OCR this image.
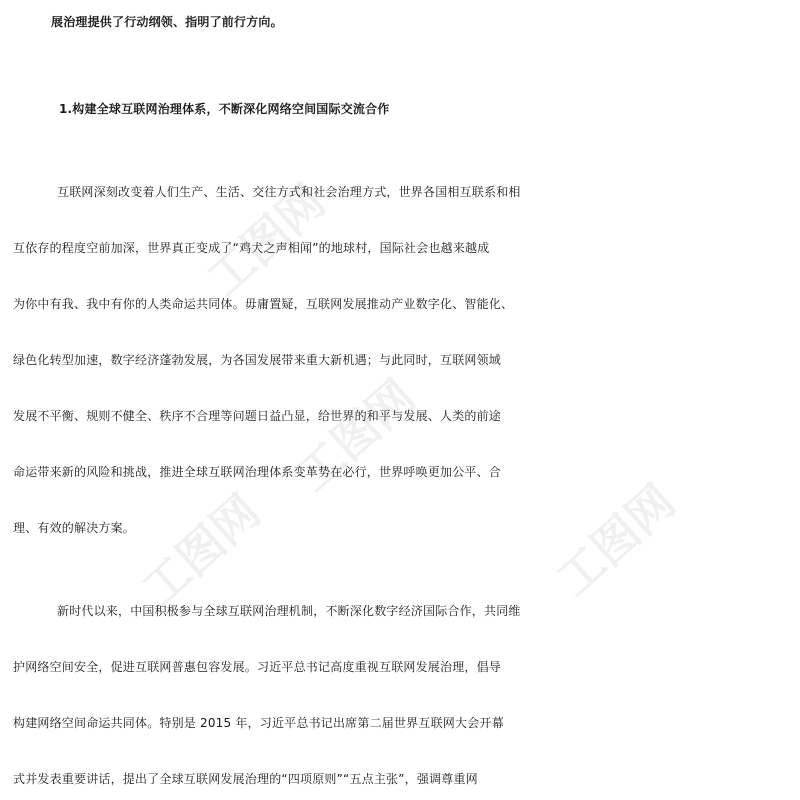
工图网
工图网
工图网	工图网
展治理提供了行动纲领、指明了前行方向。
1.构建全球互联网治理体系，不断深化网络空间国际交流合作
互联网深刻改变着人们生产、生活、交往方式和社会治理方式，世界各国相互联系和相
互依存的程度空前加深，世界真正变成了“鸡犬之声相闻”的地球村，国际社会也越来越成
为你中有我、我中有你的人类命运共同体。毋庸置疑，互联网发展推动产业数字化、智能化、
绿色化转型加速，数字经济蓬勃发展，为各国发展带来重大新机遇；与此同时，互联网领域
发展不平衡、规则不健全、秩序不合理等问题日益凸显，给世界的和平与发展、人类的前途
命运带来新的风险和挑战，推进全球互联网治理体系变革势在必行，世界呼唤更加公平、合
理、有效的解决方案。
新时代以来，中国积极参与全球互联网治理机制，不断深化数字经济国际合作，共同维
护网络空间安全，促进互联网普惠包容发展。习近平总书记高度重视互联网发展治理，倡导
构建网络空间命运共同体。特别是 2015 年，习近平总书记出席第二届世界互联网大会开幕
式并发表重要讲话，提出了全球互联网发展治理的“四项原则”“五点主张”，强调尊重网
